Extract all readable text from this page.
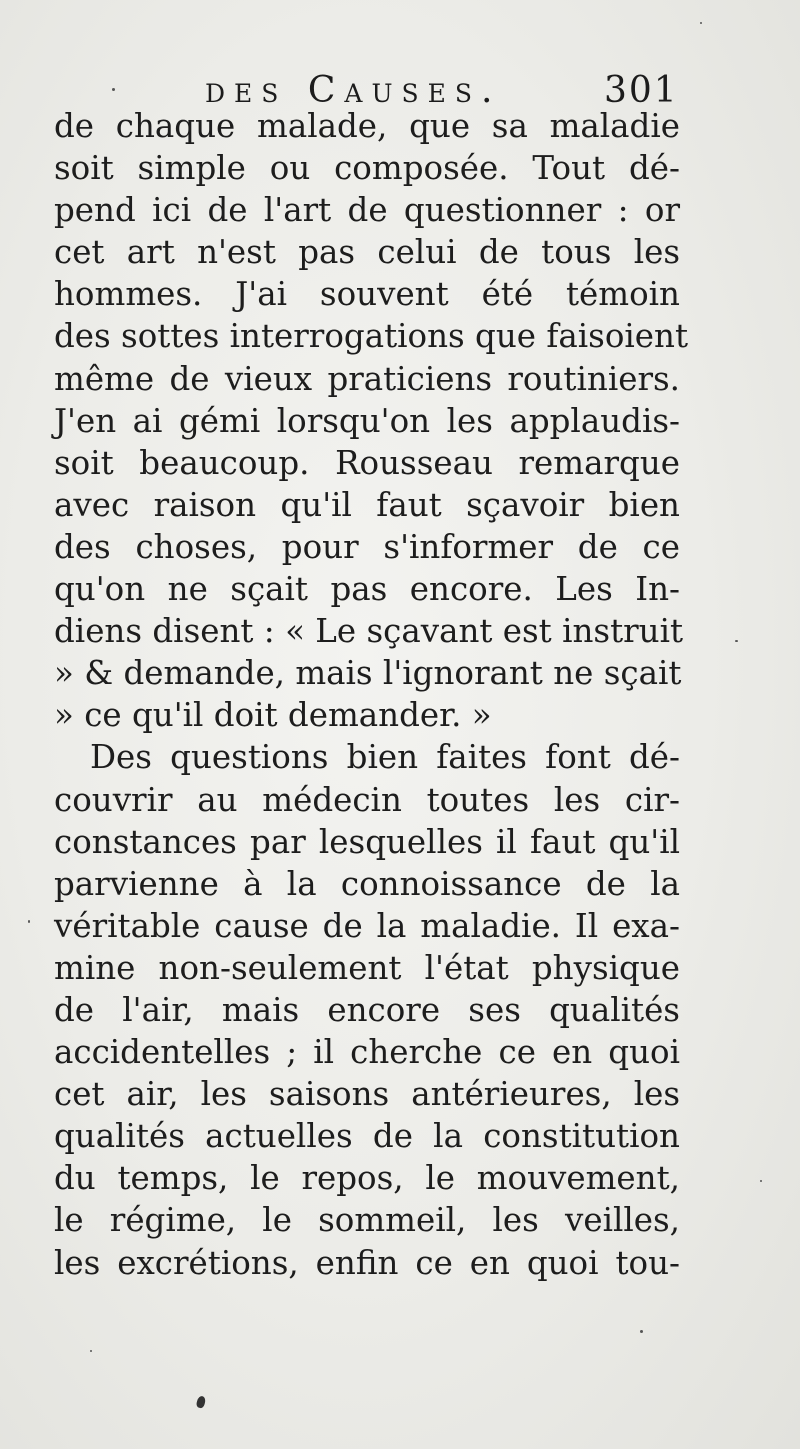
des Causes.	301
de chaque malade, que sa maladie
soit simple ou composée. Tout dé-
pend ici de l'art de questionner : or
cet art n'est pas celui de tous les
hommes. J'ai souvent été témoin
des sottes interrogations que faisoient
même de vieux praticiens routiniers.
J'en ai gémi lorsqu'on les applaudis-
soit beaucoup. Rousseau remarque
avec raison qu'il faut sçavoir bien
des choses, pour s'informer de ce
qu'on ne sçait pas encore. Les In-
diens disent : « Le sçavant est instruit
» & demande, mais l'ignorant ne sçait
» ce qu'il doit demander. »
Des questions bien faites font dé-
couvrir au médecin toutes les cir-
constances par lesquelles il faut qu'il
parvienne à la connoissance de la
véritable cause de la maladie. Il exa-
mine non-seulement l'état physique
de l'air, mais encore ses qualités
accidentelles ; il cherche ce en quoi
cet air, les saisons antérieures, les
qualités actuelles de la constitution
du temps, le repos, le mouvement,
le régime, le sommeil, les veilles,
les excrétions, enfin ce en quoi tou-
